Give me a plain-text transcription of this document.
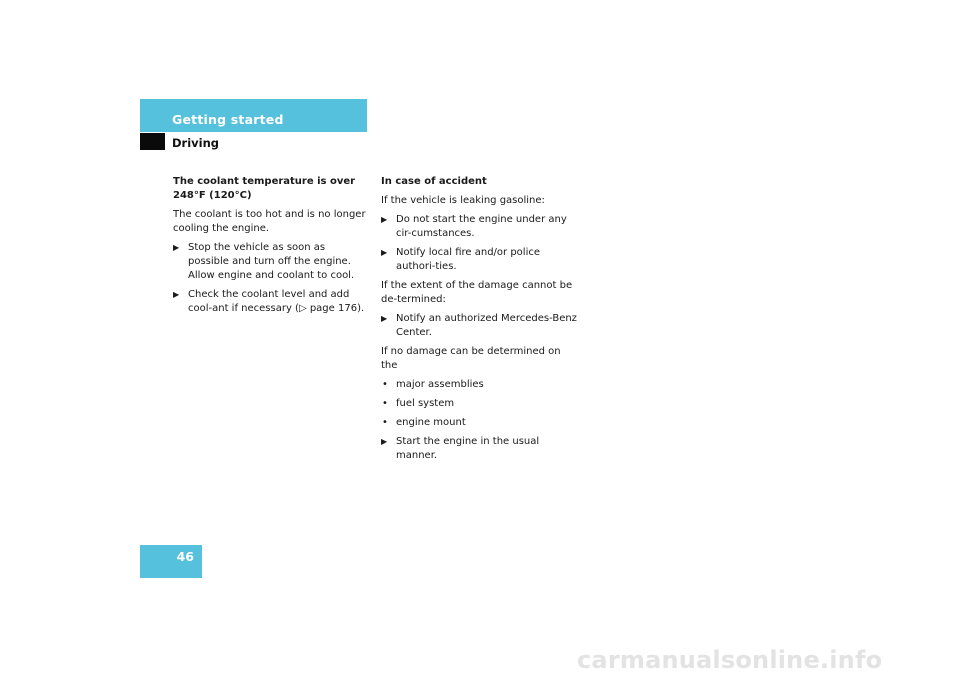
Getting started
Driving

The coolant temperature is over 248°F (120°C)

The coolant is too hot and is no longer cooling the engine.

▶ Stop the vehicle as soon as possible and turn off the engine. Allow engine and coolant to cool.
▶ Check the coolant level and add cool-ant if necessary (▷ page 176).

In case of accident

If the vehicle is leaking gasoline:

▶ Do not start the engine under any cir-cumstances.
▶ Notify local fire and/or police authori-ties.

If the extent of the damage cannot be de-termined:

▶ Notify an authorized Mercedes-Benz Center.

If no damage can be determined on the

• major assemblies
• fuel system
• engine mount
▶ Start the engine in the usual manner.
46
carmanualsonline.info
